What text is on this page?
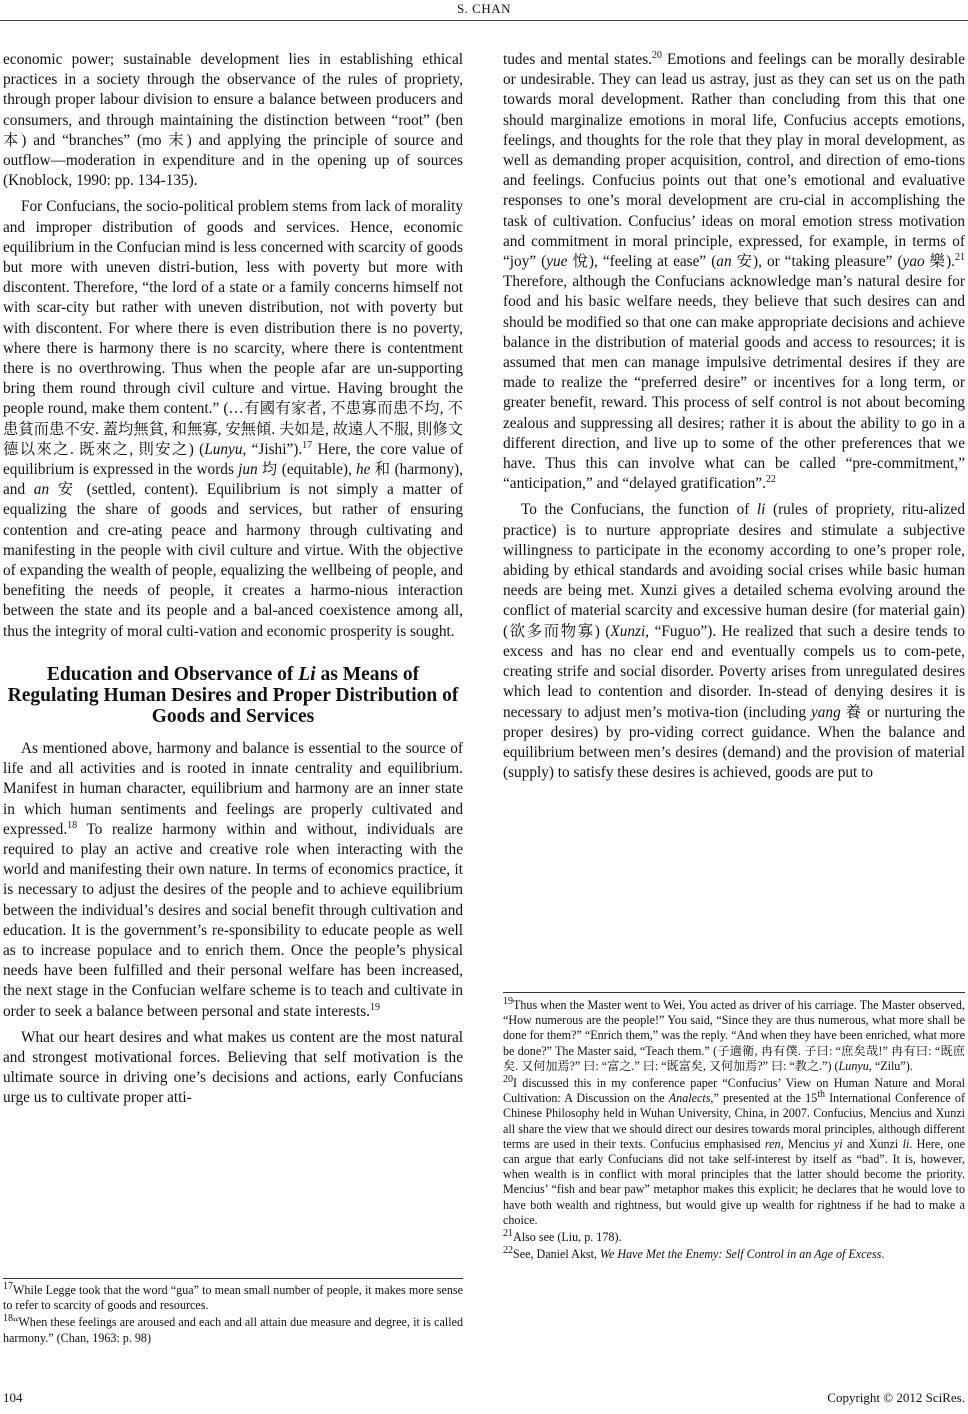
S. CHAN

economic power; sustainable development lies in establishing ethical practices in a society through the observance of the rules of propriety, through proper labour division to ensure a balance between producers and consumers, and through maintaining the distinction between “root” (ben 本) and “branches” (mo 末) and applying the principle of source and outflow—moderation in expenditure and in the opening up of sources (Knoblock, 1990: pp. 134-135).

For Confucians, the socio-political problem stems from lack of morality and improper distribution of goods and services. Hence, economic equilibrium in the Confucian mind is less concerned with scarcity of goods but more with uneven distri-bution, less with poverty but more with discontent. Therefore, “the lord of a state or a family concerns himself not with scar-city but rather with uneven distribution, not with poverty but with discontent. For where there is even distribution there is no poverty, where there is harmony there is no scarcity, where there is contentment there is no overthrowing. Thus when the people afar are un-supporting bring them round through civil culture and virtue. Having brought the people round, make them content.” (…有國有家者, 不患寡而患不均, 不患貧而患不安. 蓋均無貧, 和無寡, 安無傾. 夫如是, 故遠人不服, 則修文德以來之. 既來之, 則安之) (Lunyu, “Jishi”).$^{17}$ Here, the core value of equilibrium is expressed in the words jun 均 (equitable), he 和 (harmony), and an 安 (settled, content). Equilibrium is not simply a matter of equalizing the share of goods and services, but rather of ensuring contention and cre-ating peace and harmony through cultivating and manifesting in the people with civil culture and virtue. With the objective of expanding the wealth of people, equalizing the wellbeing of people, and benefiting the needs of people, it creates a harmo-nious interaction between the state and its people and a bal-anced coexistence among all, thus the integrity of moral culti-vation and economic prosperity is sought.

Education and Observance of Li as Means of Regulating Human Desires and Proper Distribution of Goods and Services

As mentioned above, harmony and balance is essential to the source of life and all activities and is rooted in innate centrality and equilibrium. Manifest in human character, equilibrium and harmony are an inner state in which human sentiments and feelings are properly cultivated and expressed.$^{18}$ To realize harmony within and without, individuals are required to play an active and creative role when interacting with the world and manifesting their own nature. In terms of economics practice, it is necessary to adjust the desires of the people and to achieve equilibrium between the individual’s desires and social benefit through cultivation and education. It is the government’s re-sponsibility to educate people as well as to increase populace and to enrich them. Once the people’s physical needs have been fulfilled and their personal welfare has been increased, the next stage in the Confucian welfare scheme is to teach and cultivate in order to seek a balance between personal and state interests.$^{19}$

What our heart desires and what makes us content are the most natural and strongest motivational forces. Believing that self motivation is the ultimate source in driving one’s decisions and actions, early Confucians urge us to cultivate proper atti-

$^{17}$While Legge took that the word “gua” to mean small number of people, it makes more sense to refer to scarcity of goods and resources.

$^{18}$“When these feelings are aroused and each and all attain due measure and degree, it is called harmony.” (Chan, 1963: p. 98)

tudes and mental states.$^{20}$ Emotions and feelings can be morally desirable or undesirable. They can lead us astray, just as they can set us on the path towards moral development. Rather than concluding from this that one should marginalize emotions in moral life, Confucius accepts emotions, feelings, and thoughts for the role that they play in moral development, as well as demanding proper acquisition, control, and direction of emo-tions and feelings. Confucius points out that one’s emotional and evaluative responses to one’s moral development are cru-cial in accomplishing the task of cultivation. Confucius’ ideas on moral emotion stress motivation and commitment in moral principle, expressed, for example, in terms of “joy” (yue 悅), “feeling at ease” (an 安), or “taking pleasure” (yao 樂).$^{21}$ Therefore, although the Confucians acknowledge man’s natural desire for food and his basic welfare needs, they believe that such desires can and should be modified so that one can make appropriate decisions and achieve balance in the distribution of material goods and access to resources; it is assumed that men can manage impulsive detrimental desires if they are made to realize the “preferred desire” or incentives for a long term, or greater benefit, reward. This process of self control is not about becoming zealous and suppressing all desires; rather it is about the ability to go in a different direction, and live up to some of the other preferences that we have. Thus this can involve what can be called “pre-commitment,” “anticipation,” and “delayed gratification”.$^{22}$

To the Confucians, the function of li (rules of propriety, ritu-alized practice) is to nurture appropriate desires and stimulate a subjective willingness to participate in the economy according to one’s proper role, abiding by ethical standards and avoiding social crises while basic human needs are being met. Xunzi gives a detailed schema evolving around the conflict of material scarcity and excessive human desire (for material gain) (欲多而物寡) (Xunzi, “Fuguo”). He realized that such a desire tends to excess and has no clear end and eventually compels us to com-pete, creating strife and social disorder. Poverty arises from unregulated desires which lead to contention and disorder. In-stead of denying desires it is necessary to adjust men’s motiva-tion (including yang 養 or nurturing the proper desires) by pro-viding correct guidance. When the balance and equilibrium between men’s desires (demand) and the provision of material (supply) to satisfy these desires is achieved, goods are put to

$^{19}$Thus when the Master went to Wei, You acted as driver of his carriage. The Master observed, “How numerous are the people!” You said, “Since they are thus numerous, what more shall be done for them?” “Enrich them,” was the reply. “And when they have been enriched, what more be done?” The Master said, “Teach them.” (子適衛, 冉有僕. 子曰: “庶矣哉!” 冉有曰: “既庶矣. 又何加焉?” 曰: “富之.” 曰: “既富矣, 又何加焉?” 曰: “教之.”) (Lunyu, “Zilu”).

$^{20}$I discussed this in my conference paper “Confucius’ View on Human Nature and Moral Cultivation: A Discussion on the Analects,” presented at the 15th International Conference of Chinese Philosophy held in Wuhan University, China, in 2007. Confucius, Mencius and Xunzi all share the view that we should direct our desires towards moral principles, although different terms are used in their texts. Confucius emphasised ren, Mencius yi and Xunzi li. Here, one can argue that early Confucians did not take self-interest by itself as “bad”. It is, however, when wealth is in conflict with moral principles that the latter should become the priority. Mencius’ “fish and bear paw” metaphor makes this explicit; he declares that he would love to have both wealth and rightness, but would give up wealth for rightness if he had to make a choice.

$^{21}$Also see (Liu, p. 178).

$^{22}$See, Daniel Akst, We Have Met the Enemy: Self Control in an Age of Excess.

104	Copyright © 2012 SciRes.
